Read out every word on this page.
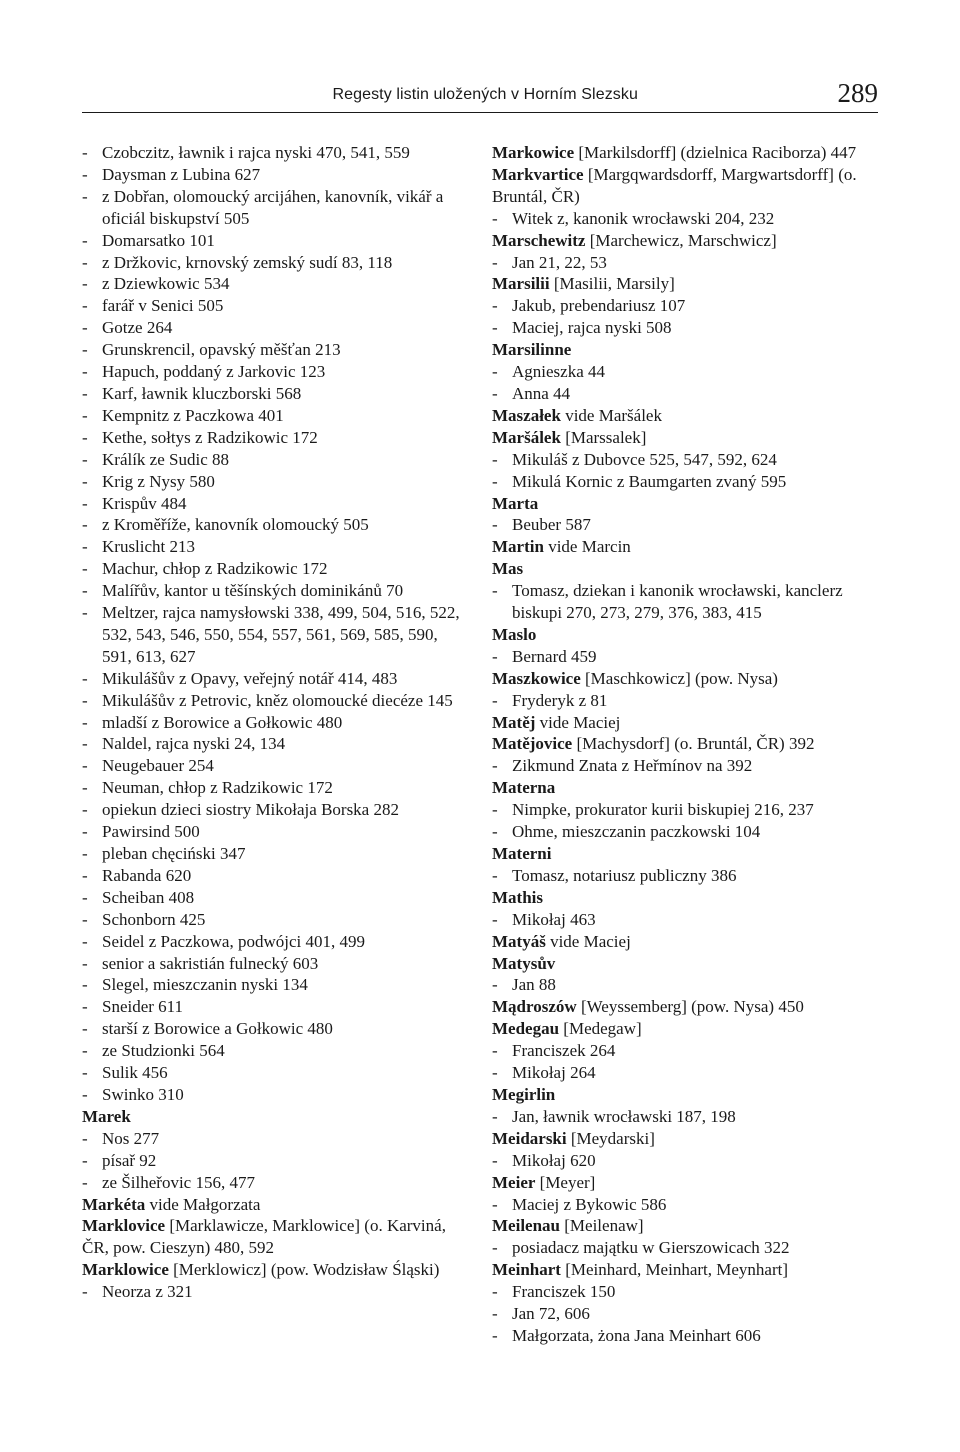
Regesty listin uložených v Horním Slezsku	289
- Czobczitz, ławnik i rajca nyski 470, 541, 559
- Daysman z Lubina 627
- z Dobřan, olomoucký arcijáhen, kanovník, vikář a oficiál biskupství 505
- Domarsatko 101
- z Držkovic, krnovský zemský sudí 83, 118
- z Dziewkowic 534
- farář v Senici 505
- Gotze 264
- Grunskrencil, opavský měšťan 213
- Hapuch, poddaný z Jarkovic 123
- Karf, ławnik kluczborski 568
- Kempnitz z Paczkowa 401
- Kethe, sołtys z Radzikowic 172
- Králík ze Sudic 88
- Krig z Nysy 580
- Krispův 484
- z Kroměříže, kanovník olomoucký 505
- Kruslicht 213
- Machur, chłop z Radzikowic 172
- Malířův, kantor u těšínských dominikánů 70
- Meltzer, rajca namysłowski 338, 499, 504, 516, 522, 532, 543, 546, 550, 554, 557, 561, 569, 585, 590, 591, 613, 627
- Mikulášův z Opavy, veřejný notář 414, 483
- Mikulášův z Petrovic, kněz olomoucké diecéze 145
- mladší z Borowice a Gołkowic 480
- Naldel, rajca nyski 24, 134
- Neugebauer 254
- Neuman, chłop z Radzikowic 172
- opiekun dzieci siostry Mikołaja Borska 282
- Pawirsind 500
- pleban chęciński 347
- Rabanda 620
- Scheiban 408
- Schonborn 425
- Seidel z Paczkowa, podwójci 401, 499
- senior a sakristián fulnecký 603
- Slegel, mieszczanin nyski 134
- Sneider 611
- starší z Borowice a Gołkowic 480
- ze Studzionki 564
- Sulik 456
- Swinko 310
Marek
- Nos 277
- písař 92
- ze Šilheřovic 156, 477
Markéta vide Małgorzata
Marklovice [Marklawicze, Marklowice] (o. Karviná, ČR, pow. Cieszyn) 480, 592
Marklowice [Merklowicz] (pow. Wodzisław Śląski)
- Neorza z 321
Markowice [Markilsdorff] (dzielnica Raciborza) 447
Markvartice [Margqwardsdorff, Margwartsdorff] (o. Bruntál, ČR)
- Witek z, kanonik wrocławski 204, 232
Marschewitz [Marchewicz, Marschwicz]
- Jan 21, 22, 53
Marsilii [Masilii, Marsily]
- Jakub, prebendariusz 107
- Maciej, rajca nyski 508
Marsilinne
- Agnieszka 44
- Anna 44
Maszałek vide Maršálek
Maršálek [Marssalek]
- Mikuláš z Dubovce 525, 547, 592, 624
- Mikulá Kornic z Baumgarten zvaný 595
Marta
- Beuber 587
Martin vide Marcin
Mas
- Tomasz, dziekan i kanonik wrocławski, kanclerz biskupi 270, 273, 279, 376, 383, 415
Maslo
- Bernard 459
Maszkowice [Maschkowicz] (pow. Nysa)
- Fryderyk z 81
Matěj vide Maciej
Matějovice [Machysdorf] (o. Bruntál, ČR) 392
- Zikmund Znata z Heřmínov na 392
Materna
- Nimpke, prokurator kurii biskupiej 216, 237
- Ohme, mieszczanin paczkowski 104
Materni
- Tomasz, notariusz publiczny 386
Mathis
- Mikołaj 463
Matyáš vide Maciej
Matysův
- Jan 88
Mądroszów [Weyssemberg] (pow. Nysa) 450
Medegau [Medegaw]
- Franciszek 264
- Mikołaj 264
Megirlin
- Jan, ławnik wrocławski 187, 198
Meidarski [Meydarski]
- Mikołaj 620
Meier [Meyer]
- Maciej z Bykowic 586
Meilenau [Meilenaw]
- posiadacz majątku w Gierszowicach 322
Meinhart [Meinhard, Meinhart, Meynhart]
- Franciszek 150
- Jan 72, 606
- Małgorzata, żona Jana Meinhart 606
